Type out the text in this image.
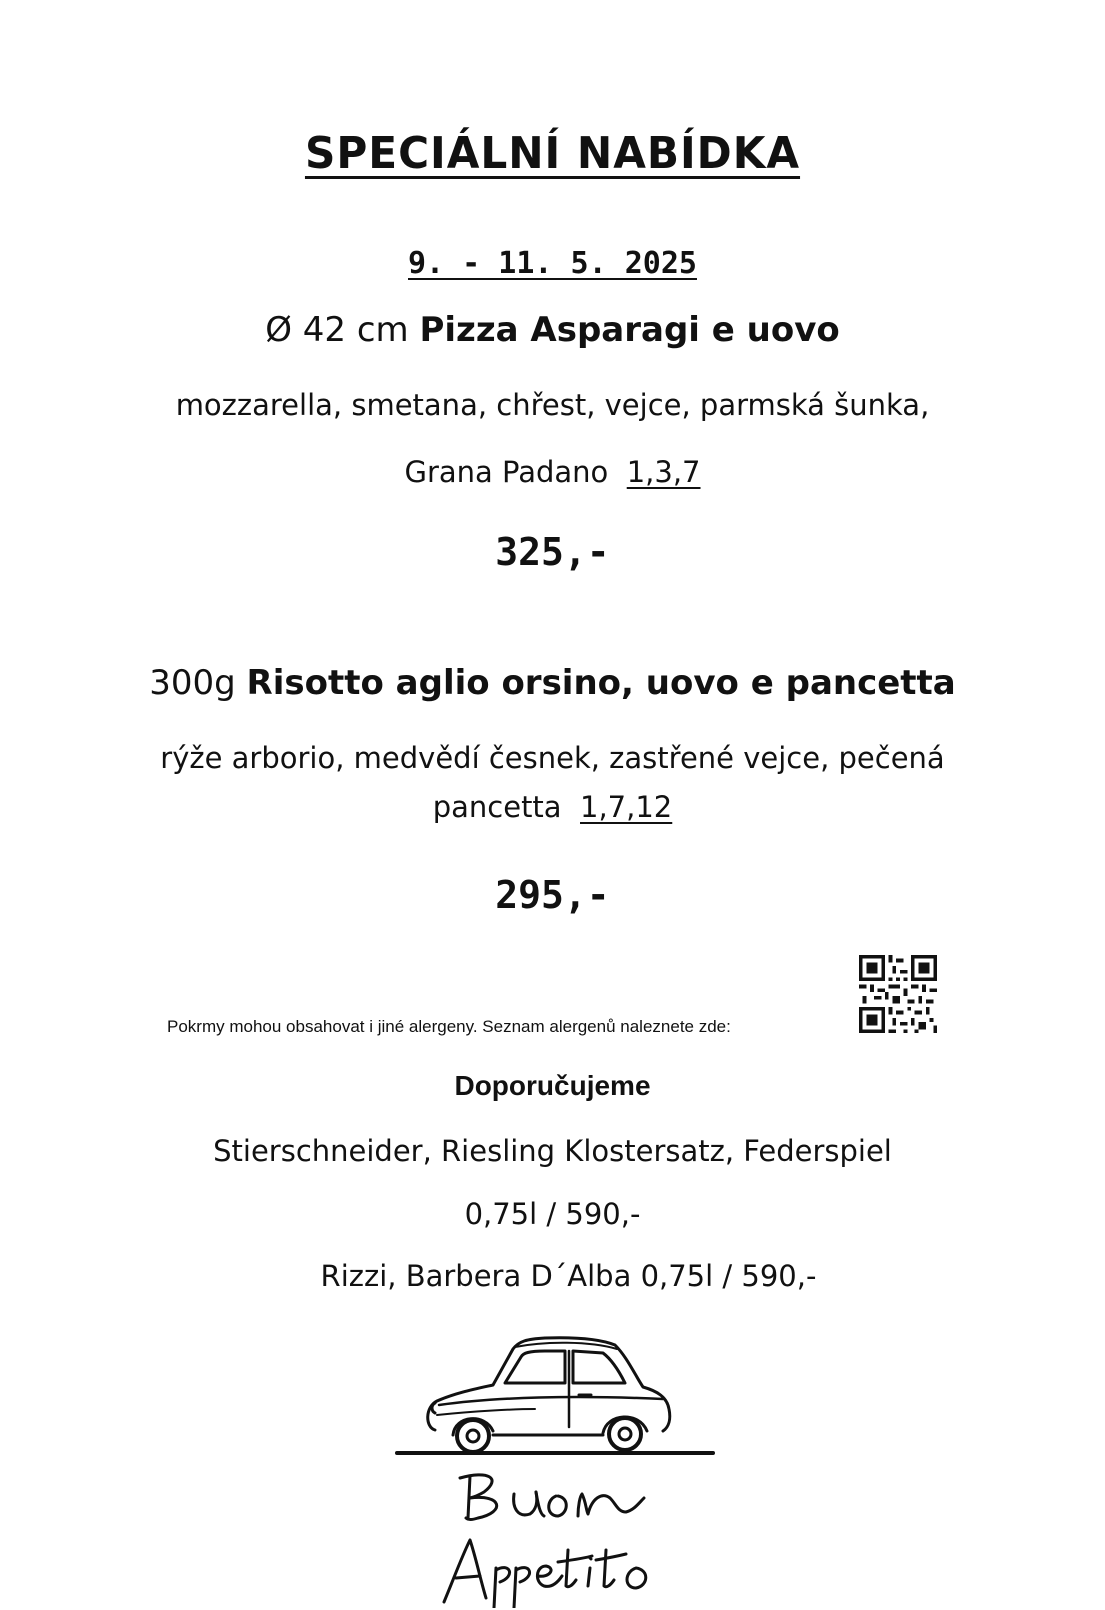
SPECIÁLNÍ NABÍDKA
9. - 11. 5. 2025
Ø 42 cm Pizza Asparagi e uovo
mozzarella, smetana, chřest, vejce, parmská šunka,
Grana Padano 1,3,7
325,-
300g Risotto aglio orsino, uovo e pancetta
rýže arborio, medvědí česnek, zastřené vejce, pečená
pancetta 1,7,12
295,-
Pokrmy mohou obsahovat i jiné alergeny. Seznam alergenů naleznete zde:
Doporučujeme
Stierschneider, Riesling Klostersatz, Federspiel
0,75l / 590,-
Rizzi, Barbera D´Alba 0,75l / 590,-
